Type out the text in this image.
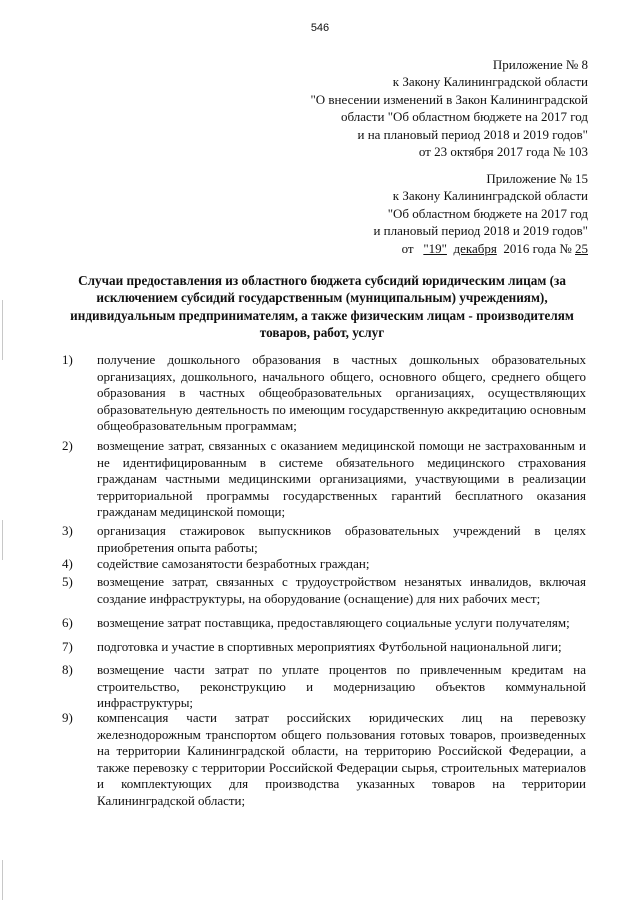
546
Приложение № 8
к Закону Калининградской области
"О внесении изменений в Закон Калининградской
области "Об областном бюджете на 2017 год
и на плановый период 2018 и 2019 годов"
от 23 октября 2017 года № 103
Приложение № 15
к Закону Калининградской области
"Об областном бюджете на 2017 год
и плановый период 2018 и 2019 годов"
от "19" декабря 2016 года № 25
Случаи предоставления из областного бюджета субсидий юридическим лицам (за исключением субсидий государственным (муниципальным) учреждениям), индивидуальным предпринимателям, а также физическим лицам - производителям товаров, работ, услуг
1) получение дошкольного образования в частных дошкольных образовательных организациях, дошкольного, начального общего, основного общего, среднего общего образования в частных общеобразовательных организациях, осуществляющих образовательную деятельность по имеющим государственную аккредитацию основным общеобразовательным программам;
2) возмещение затрат, связанных с оказанием медицинской помощи не застрахованным и не идентифицированным в системе обязательного медицинского страхования гражданам частными медицинскими организациями, участвующими в реализации территориальной программы государственных гарантий бесплатного оказания гражданам медицинской помощи;
3) организация стажировок выпускников образовательных учреждений в целях приобретения опыта работы;
4) содействие самозанятости безработных граждан;
5) возмещение затрат, связанных с трудоустройством незанятых инвалидов, включая создание инфраструктуры, на оборудование (оснащение) для них рабочих мест;
6) возмещение затрат поставщика, предоставляющего социальные услуги получателям;
7) подготовка и участие в спортивных мероприятиях Футбольной национальной лиги;
8) возмещение части затрат по уплате процентов по привлеченным кредитам на строительство, реконструкцию и модернизацию объектов коммунальной инфраструктуры;
9) компенсация части затрат российских юридических лиц на перевозку железнодорожным транспортом общего пользования готовых товаров, произведенных на территории Калининградской области, на территорию Российской Федерации, а также перевозку с территории Российской Федерации сырья, строительных материалов и комплектующих для производства указанных товаров на территории Калининградской области;
